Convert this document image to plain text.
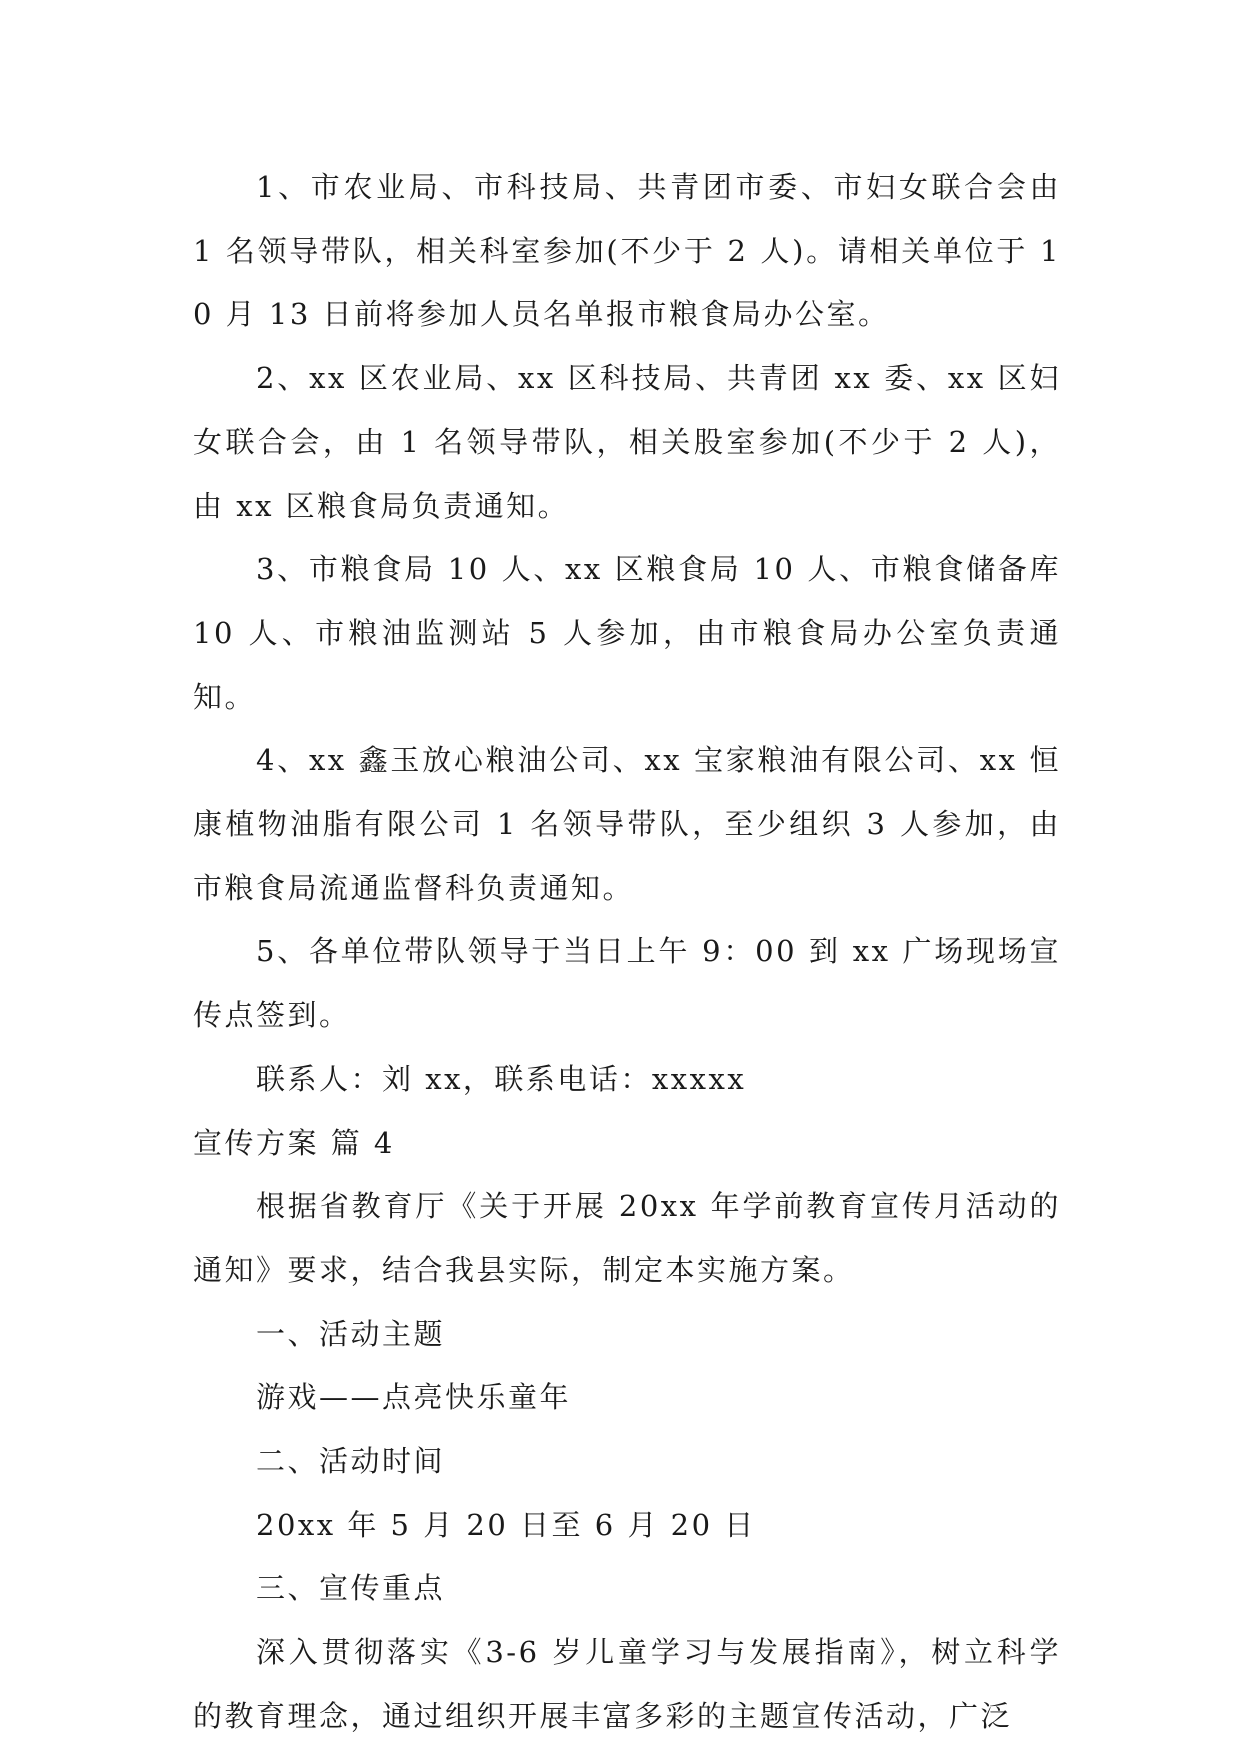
1、市农业局、市科技局、共青团市委、市妇女联合会由 1 名领导带队，相关科室参加(不少于 2 人)。请相关单位于 10 月 13 日前将参加人员名单报市粮食局办公室。

2、xx 区农业局、xx 区科技局、共青团 xx 委、xx 区妇女联合会，由 1 名领导带队，相关股室参加(不少于 2 人)，由 xx 区粮食局负责通知。

3、市粮食局 10 人、xx 区粮食局 10 人、市粮食储备库 10 人、市粮油监测站 5 人参加，由市粮食局办公室负责通知。

4、xx 鑫玉放心粮油公司、xx 宝家粮油有限公司、xx 恒康植物油脂有限公司 1 名领导带队，至少组织 3 人参加，由市粮食局流通监督科负责通知。

5、各单位带队领导于当日上午 9：00 到 xx 广场现场宣传点签到。

联系人：刘 xx，联系电话：xxxxx

宣传方案 篇 4

根据省教育厅《关于开展 20xx 年学前教育宣传月活动的通知》要求，结合我县实际，制定本实施方案。

一、活动主题

游戏——点亮快乐童年

二、活动时间

20xx 年 5 月 20 日至 6 月 20 日

三、宣传重点

深入贯彻落实《3-6 岁儿童学习与发展指南》，树立科学的教育理念，通过组织开展丰富多彩的主题宣传活动，广泛
